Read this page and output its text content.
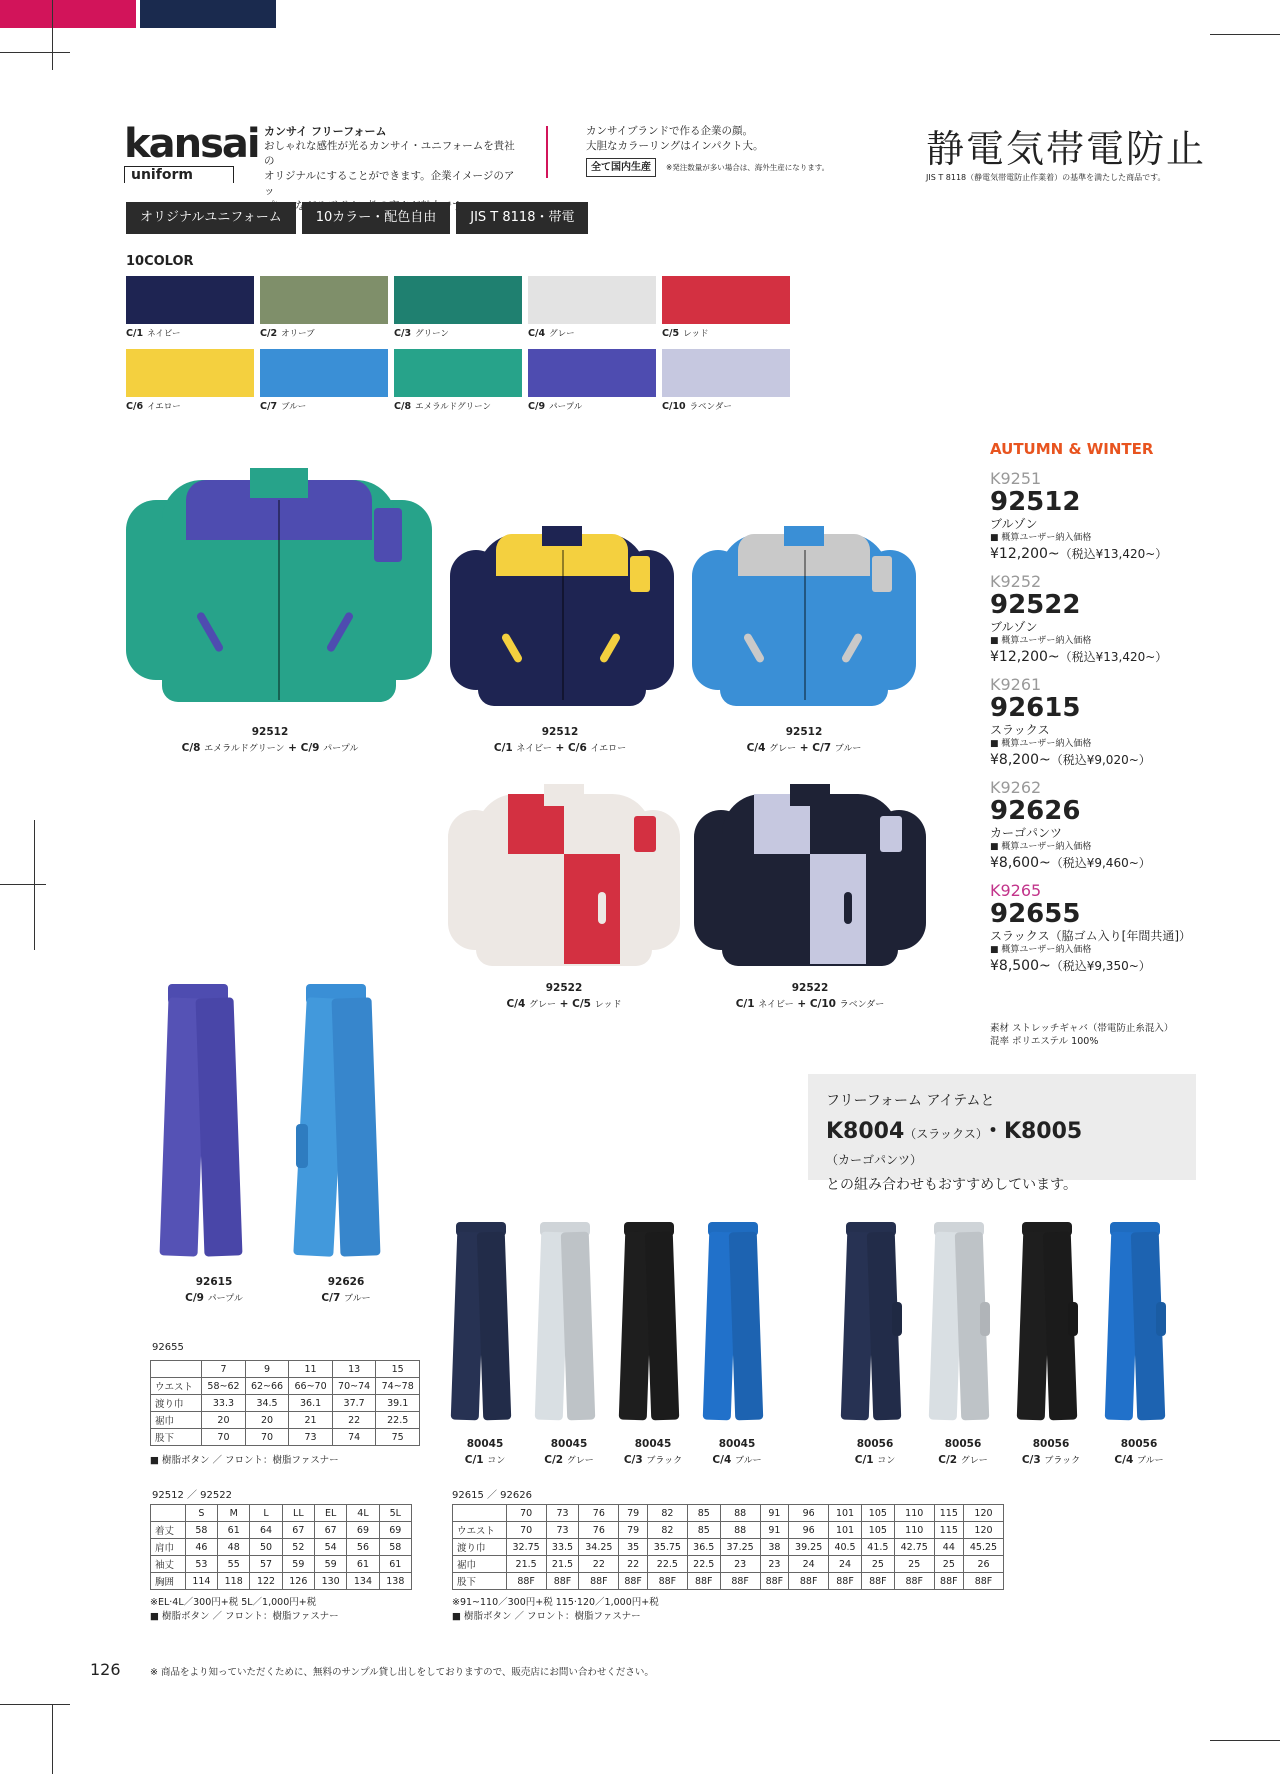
kansai
uniform
カンサイ フリーフォーム
おしゃれな感性が光るカンサイ・ユニフォームを貴社の
オリジナルにすることができます。企業イメージのアッ
カンサイブランドで作る企業の顔。
大胆なカラーリングはインパクト大。
全て国内生産 ※発注数量が多い場合は、海外生産になります。	静電気帯電防止
JIS T 8118（静電気帯電防止作業着）の基準を満たした商品です。
オリジナルユニフォーム	10カラー・配色自由	JIS T 8118・帯電
10COLOR
C/1 ネイビー	C/2 オリーブ	C/3 グリーン	C/4 グレー	C/5 レッド
C/6 イエロー	C/7 ブルー	C/8 エメラルドグリーン	C/9 パープル	C/10 ラベンダー
92512
C/8 エメラルドグリーン + C/9 パープル
92512
C/1 ネイビー + C/6 イエロー
92512
C/4 グレー + C/7 ブルー
92522
C/4 グレー + C/5 レッド
92522
C/1 ネイビー + C/10 ラベンダー
92615
C/9 パープル
92626
C/7 ブルー
AUTUMN & WINTER
K9251
92512
ブルゾン
■ 概算ユーザー納入価格
¥12,200~（税込¥13,420~）
K9252
92522
ブルゾン
■ 概算ユーザー納入価格
¥12,200~（税込¥13,420~）
K9261
92615
スラックス
■ 概算ユーザー納入価格
¥8,200~（税込¥9,020~）
K9262
92626
カーゴパンツ
■ 概算ユーザー納入価格
¥8,600~（税込¥9,460~）
K9265
92655
スラックス（脇ゴム入り[年間共通]）
■ 概算ユーザー納入価格
¥8,500~（税込¥9,350~）
素材 ストレッチギャバ（帯電防止糸混入）
混率 ポリエステル 100%
フリーフォーム アイテムと
K8004（スラックス）・K8005（カーゴパンツ）
との組み合わせもおすすめしています。
80045
C/1 コン
80045
C/2 グレー
80045
C/3 ブラック
80045
C/4 ブルー
80056
C/1 コン
80056
C/2 グレー
80056
C/3 ブラック
80056
C/4 ブルー
92655
	7	9	11	13	15
ウエスト	58~62	62~66	66~70	70~74	74~78
渡り巾	33.3	34.5	36.1	37.7	39.1
裾巾	20	20	21	22	22.5
股下	70	70	73	74	75
■ 樹脂ボタン ／ フロント：樹脂ファスナー
92512 ／ 92522
	S	M	L	LL	EL	4L	5L
着丈	58	61	64	67	67	69	69
肩巾	46	48	50	52	54	56	58
袖丈	53	55	57	59	59	61	61
胸囲	114	118	122	126	130	134	138
※EL·4L／300円+税 5L／1,000円+税
■ 樹脂ボタン ／ フロント：樹脂ファスナー
92615 ／ 92626
	70	73	76	79	82	85	88	91	96	101	105	110	115	120
ウエスト	70	73	76	79	82	85	88	91	96	101	105	110	115	120
渡り巾	32.75	33.5	34.25	35	35.75	36.5	37.25	38	39.25	40.5	41.5	42.75	44	45.25
裾巾	21.5	21.5	22	22	22.5	22.5	23	23	24	24	25	25	25	26
股下	88F	88F	88F	88F	88F	88F	88F	88F	88F	88F	88F	88F	88F	88F
※91~110／300円+税 115·120／1,000円+税
■ 樹脂ボタン ／ フロント：樹脂ファスナー
126	※ 商品をより知っていただくために、無料のサンプル貸し出しをしておりますので、販売店にお問い合わせください。
